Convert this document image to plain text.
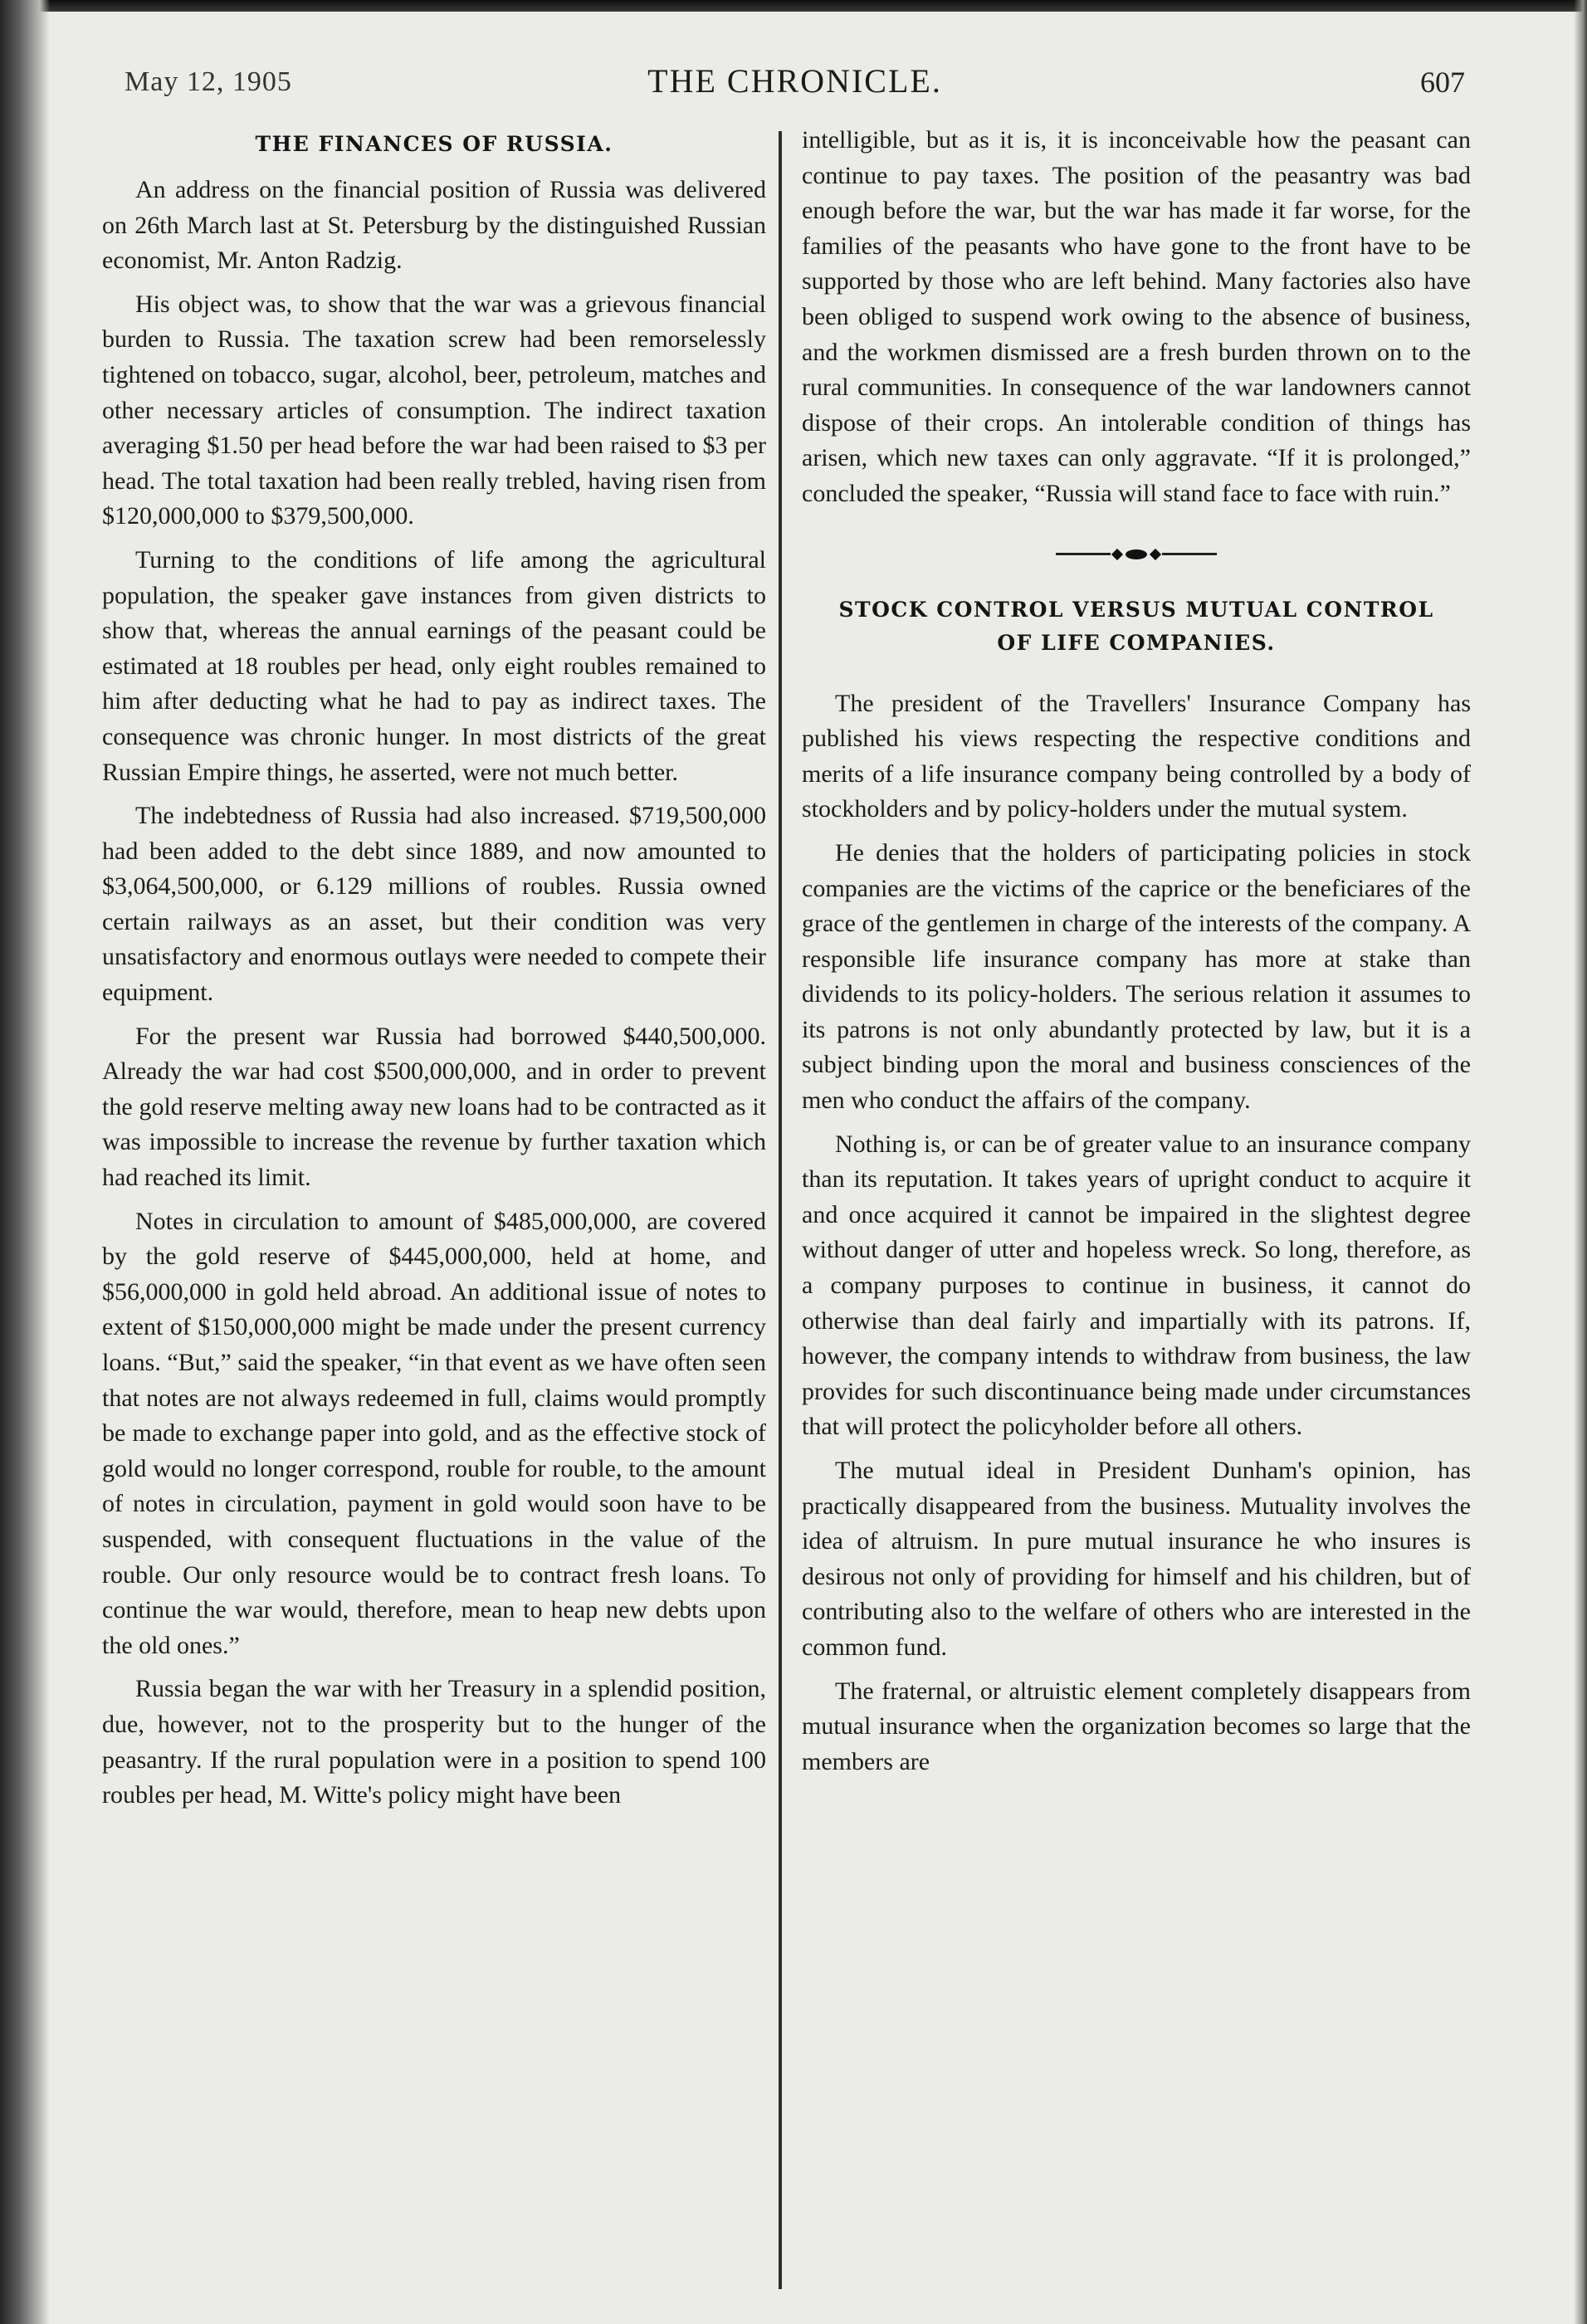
May 12, 1905	THE CHRONICLE.	607
THE FINANCES OF RUSSIA.

An address on the financial position of Russia was delivered on 26th March last at St. Petersburg by the distinguished Russian economist, Mr. Anton Radzig.

His object was, to show that the war was a grievous financial burden to Russia. The taxation screw had been remorselessly tightened on tobacco, sugar, alcohol, beer, petroleum, matches and other necessary articles of consumption. The indirect taxation averaging $1.50 per head before the war had been raised to $3 per head. The total taxation had been really trebled, having risen from $120,000,000 to $379,500,000.

Turning to the conditions of life among the agricultural population, the speaker gave instances from given districts to show that, whereas the annual earnings of the peasant could be estimated at 18 roubles per head, only eight roubles remained to him after deducting what he had to pay as indirect taxes. The consequence was chronic hunger. In most districts of the great Russian Empire things, he asserted, were not much better.

The indebtedness of Russia had also increased. $719,500,000 had been added to the debt since 1889, and now amounted to $3,064,500,000, or 6.129 millions of roubles. Russia owned certain railways as an asset, but their condition was very unsatisfactory and enormous outlays were needed to compete their equipment.

For the present war Russia had borrowed $440,500,000. Already the war had cost $500,000,000, and in order to prevent the gold reserve melting away new loans had to be contracted as it was impossible to increase the revenue by further taxation which had reached its limit.

Notes in circulation to amount of $485,000,000, are covered by the gold reserve of $445,000,000, held at home, and $56,000,000 in gold held abroad. An additional issue of notes to extent of $150,000,000 might be made under the present currency loans. “But,” said the speaker, “in that event as we have often seen that notes are not always redeemed in full, claims would promptly be made to exchange paper into gold, and as the effective stock of gold would no longer correspond, rouble for rouble, to the amount of notes in circulation, payment in gold would soon have to be suspended, with consequent fluctuations in the value of the rouble. Our only resource would be to contract fresh loans. To continue the war would, therefore, mean to heap new debts upon the old ones.”

Russia began the war with her Treasury in a splendid position, due, however, not to the prosperity but to the hunger of the peasantry. If the rural population were in a position to spend 100 roubles per head, M. Witte's policy might have been

intelligible, but as it is, it is inconceivable how the peasant can continue to pay taxes. The position of the peasantry was bad enough before the war, but the war has made it far worse, for the families of the peasants who have gone to the front have to be supported by those who are left behind. Many factories also have been obliged to suspend work owing to the absence of business, and the workmen dismissed are a fresh burden thrown on to the rural communities. In consequence of the war landowners cannot dispose of their crops. An intolerable condition of things has arisen, which new taxes can only aggravate. “If it is prolonged,” concluded the speaker, “Russia will stand face to face with ruin.”

STOCK CONTROL VERSUS MUTUAL CONTROL
OF LIFE COMPANIES.

The president of the Travellers' Insurance Company has published his views respecting the respective conditions and merits of a life insurance company being controlled by a body of stockholders and by policy-holders under the mutual system.

He denies that the holders of participating policies in stock companies are the victims of the caprice or the beneficiares of the grace of the gentlemen in charge of the interests of the company. A responsible life insurance company has more at stake than dividends to its policy-holders. The serious relation it assumes to its patrons is not only abundantly protected by law, but it is a subject binding upon the moral and business consciences of the men who conduct the affairs of the company.

Nothing is, or can be of greater value to an insurance company than its reputation. It takes years of upright conduct to acquire it and once acquired it cannot be impaired in the slightest degree without danger of utter and hopeless wreck. So long, therefore, as a company purposes to continue in business, it cannot do otherwise than deal fairly and impartially with its patrons. If, however, the company intends to withdraw from business, the law provides for such discontinuance being made under circumstances that will protect the policyholder before all others.

The mutual ideal in President Dunham's opinion, has practically disappeared from the business. Mutuality involves the idea of altruism. In pure mutual insurance he who insures is desirous not only of providing for himself and his children, but of contributing also to the welfare of others who are interested in the common fund.

The fraternal, or altruistic element completely disappears from mutual insurance when the organization becomes so large that the members are
